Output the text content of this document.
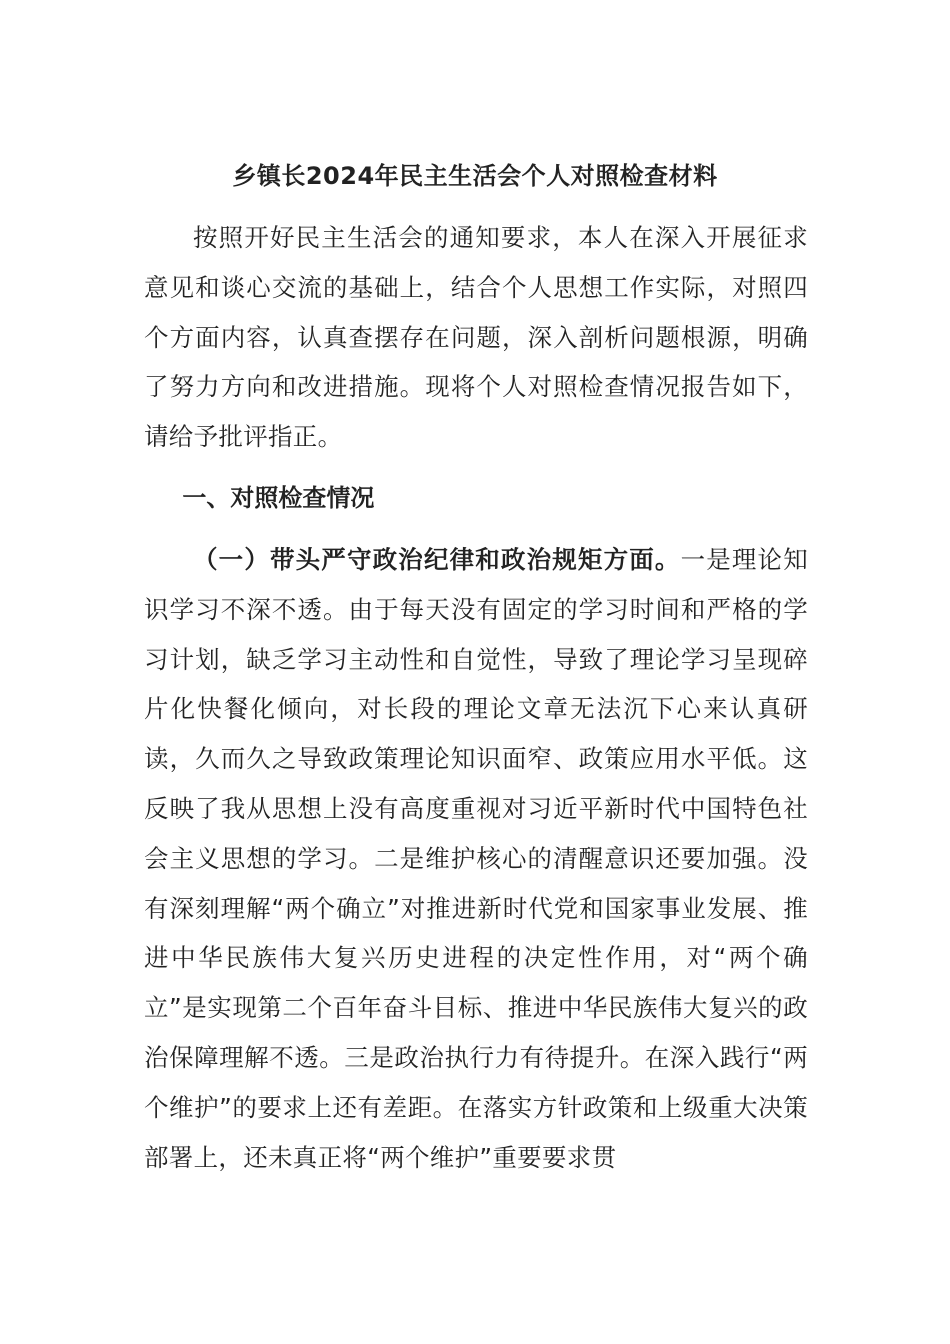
乡镇长2024年民主生活会个人对照检查材料

按照开好民主生活会的通知要求，本人在深入开展征求意见和谈心交流的基础上，结合个人思想工作实际，对照四个方面内容，认真查摆存在问题，深入剖析问题根源，明确了努力方向和改进措施。现将个人对照检查情况报告如下，请给予批评指正。

一、对照检查情况

（一）带头严守政治纪律和政治规矩方面。一是理论知识学习不深不透。由于每天没有固定的学习时间和严格的学习计划，缺乏学习主动性和自觉性，导致了理论学习呈现碎片化快餐化倾向，对长段的理论文章无法沉下心来认真研读，久而久之导致政策理论知识面窄、政策应用水平低。这反映了我从思想上没有高度重视对习近平新时代中国特色社会主义思想的学习。二是维护核心的清醒意识还要加强。没有深刻理解“两个确立”对推进新时代党和国家事业发展、推进中华民族伟大复兴历史进程的决定性作用，对“两个确立”是实现第二个百年奋斗目标、推进中华民族伟大复兴的政治保障理解不透。三是政治执行力有待提升。在深入践行“两个维护”的要求上还有差距。在落实方针政策和上级重大决策部署上，还未真正将“两个维护”重要要求贯
